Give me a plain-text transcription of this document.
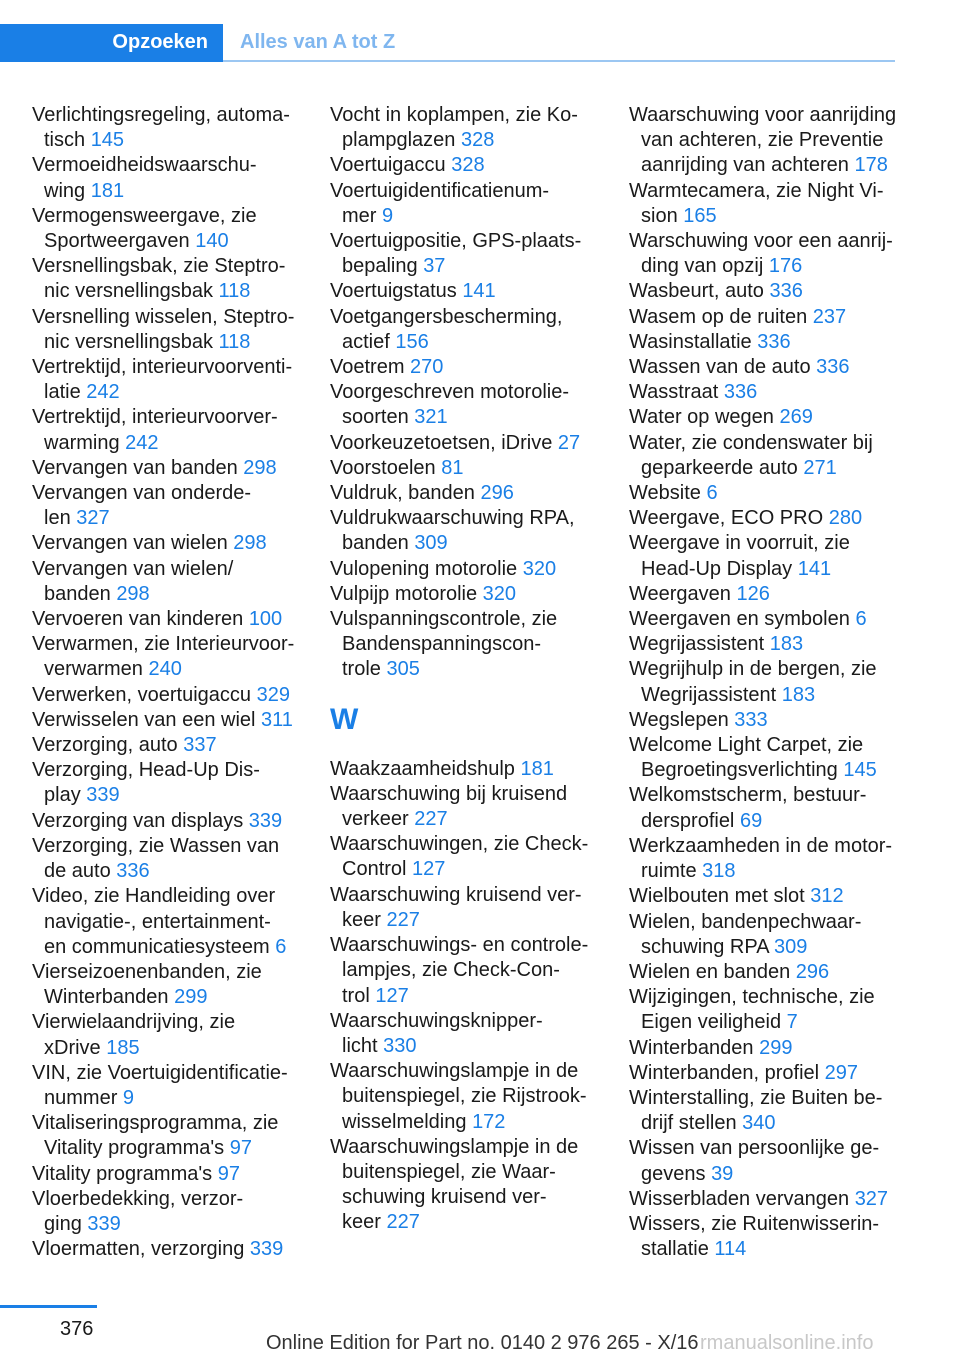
Opzoeken Alles van A tot Z
Verlichtingsregeling, automa-
tisch 145
Vermoeidheidswaarschu-
wing 181
Vermogensweergave, zie
Sportweergaven 140
Versnellingsbak, zie Steptro-
nic versnellingsbak 118
Versnelling wisselen, Steptro-
nic versnellingsbak 118
Vertrektijd, interieurvoorventi-
latie 242
Vertrektijd, interieurvoorver-
warming 242
Vervangen van banden 298
Vervangen van onderde-
len 327
Vervangen van wielen 298
Vervangen van wielen/
banden 298
Vervoeren van kinderen 100
Verwarmen, zie Interieurvoor-
verwarmen 240
Verwerken, voertuigaccu 329
Verwisselen van een wiel 311
Verzorging, auto 337
Verzorging, Head-Up Dis-
play 339
Verzorging van displays 339
Verzorging, zie Wassen van
de auto 336
Video, zie Handleiding over
navigatie-, entertainment-
en communicatiesysteem 6
Vierseizoenenbanden, zie
Winterbanden 299
Vierwielaandrijving, zie
xDrive 185
VIN, zie Voertuigidentificatie-
nummer 9
Vitaliseringsprogramma, zie
Vitality programma's 97
Vitality programma's 97
Vloerbedekking, verzor-
ging 339
Vloermatten, verzorging 339
Vocht in koplampen, zie Ko-
plampglazen 328
Voertuigaccu 328
Voertuigidentificatienum-
mer 9
Voertuigpositie, GPS-plaats-
bepaling 37
Voertuigstatus 141
Voetgangersbescherming,
actief 156
Voetrem 270
Voorgeschreven motorolie-
soorten 321
Voorkeuzetoetsen, iDrive 27
Voorstoelen 81
Vuldruk, banden 296
Vuldrukwaarschuwing RPA,
banden 309
Vulopening motorolie 320
Vulpijp motorolie 320
Vulspanningscontrole, zie
Bandenspanningscon-
trole 305
W
Waakzaamheidshulp 181
Waarschuwing bij kruisend
verkeer 227
Waarschuwingen, zie Check-
Control 127
Waarschuwing kruisend ver-
keer 227
Waarschuwings- en controle-
lampjes, zie Check-Con-
trol 127
Waarschuwingsknipper-
licht 330
Waarschuwingslampje in de
buitenspiegel, zie Rijstrook-
wisselmelding 172
Waarschuwingslampje in de
buitenspiegel, zie Waar-
schuwing kruisend ver-
keer 227
Waarschuwing voor aanrijding
van achteren, zie Preventie
aanrijding van achteren 178
Warmtecamera, zie Night Vi-
sion 165
Warschuwing voor een aanrij-
ding van opzij 176
Wasbeurt, auto 336
Wasem op de ruiten 237
Wasinstallatie 336
Wassen van de auto 336
Wasstraat 336
Water op wegen 269
Water, zie condenswater bij
geparkeerde auto 271
Website 6
Weergave, ECO PRO 280
Weergave in voorruit, zie
Head-Up Display 141
Weergaven 126
Weergaven en symbolen 6
Wegrijassistent 183
Wegrijhulp in de bergen, zie
Wegrijassistent 183
Wegslepen 333
Welcome Light Carpet, zie
Begroetingsverlichting 145
Welkomstscherm, bestuur-
dersprofiel 69
Werkzaamheden in de motor-
ruimte 318
Wielbouten met slot 312
Wielen, bandenpechwaar-
schuwing RPA 309
Wielen en banden 296
Wijzigingen, technische, zie
Eigen veiligheid 7
Winterbanden 299
Winterbanden, profiel 297
Winterstalling, zie Buiten be-
drijf stellen 340
Wissen van persoonlijke ge-
gevens 39
Wisserbladen vervangen 327
Wissers, zie Ruitenwisserin-
stallatie 114
376
Online Edition for Part no. 0140 2 976 265 - X/16 rmanualsonline.info
